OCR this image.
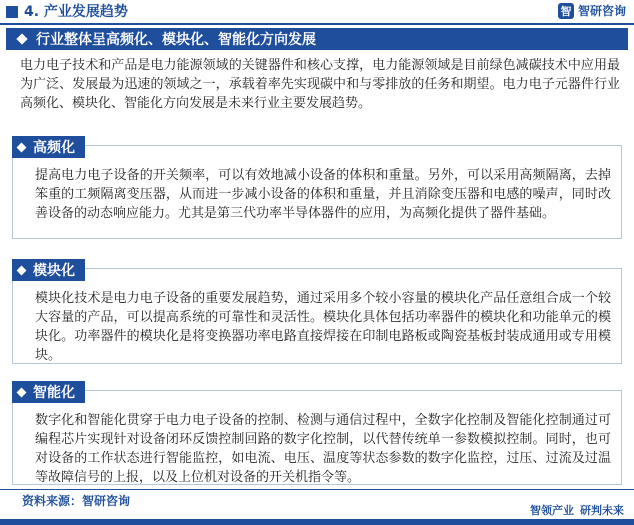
4. 产业发展趋势	智 智研咨询
行业整体呈高频化、模块化、智能化方向发展
电力电子技术和产品是电力能源领域的关键器件和核心支撑，电力能源领域是目前绿色减碳技术中应用最为广泛、发展最为迅速的领域之一，承载着率先实现碳中和与零排放的任务和期望。电力电子元器件行业高频化、模块化、智能化方向发展是未来行业主要发展趋势。
高频化
提高电力电子设备的开关频率，可以有效地减小设备的体积和重量。另外，可以采用高频隔离，去掉笨重的工频隔离变压器，从而进一步减小设备的体积和重量，并且消除变压器和电感的噪声，同时改善设备的动态响应能力。尤其是第三代功率半导体器件的应用，为高频化提供了器件基础。
模块化
模块化技术是电力电子设备的重要发展趋势，通过采用多个较小容量的模块化产品任意组合成一个较大容量的产品，可以提高系统的可靠性和灵活性。模块化具体包括功率器件的模块化和功能单元的模块化。功率器件的模块化是将变换器功率电路直接焊接在印制电路板或陶瓷基板封装成通用或专用模块。
智能化
数字化和智能化贯穿于电力电子设备的控制、检测与通信过程中，全数字化控制及智能化控制通过可编程芯片实现针对设备闭环反馈控制回路的数字化控制，以代替传统单一参数模拟控制。同时，也可对设备的工作状态进行智能监控，如电流、电压、温度等状态参数的数字化监控，过压、过流及过温等故障信号的上报，以及上位机对设备的开关机指令等。
资料来源：智研咨询
智领产业 研判未来
